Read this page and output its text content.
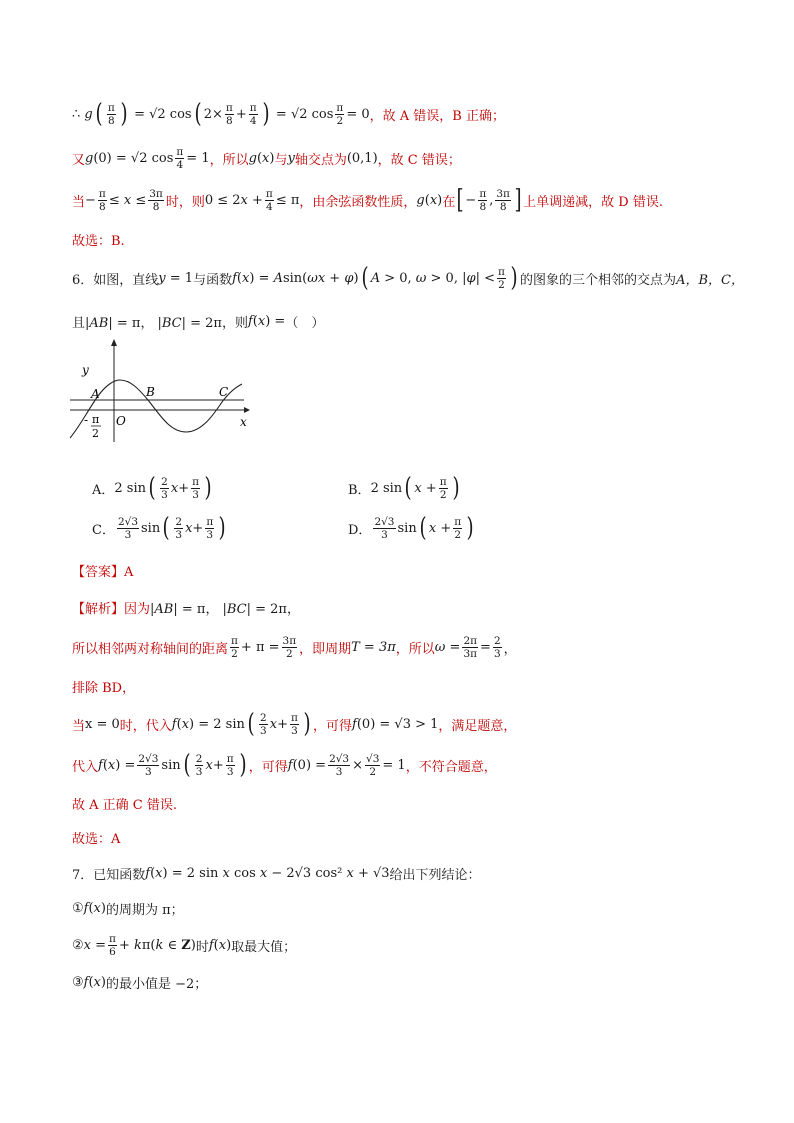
∴ g ( $\frac{\pi}{8}$ ) = √2 cos ( $2\times \frac{\pi}{8} + \frac{\pi}{4}$ ) = √2 $\cos \frac{\pi}{2} = 0$ ，故 A 错误，B 正确；
又 g(0) = √2 $\cos \frac{\pi}{4} = 1$ ，所以 g(x) 与 y 轴交点为 (0,1) ，故 C 错误；
当 − $\frac{\pi}{8} \le x \le \frac{3\pi}{8}$ 时，则 $0 \le 2x + \frac{\pi}{4} \le \pi$ ，由余弦函数性质， g(x) 在 [ − $\frac{\pi}{8}$ , $\frac{3\pi}{8}$ ] 上单调递减，故 D 错误.
故选：B.
6．如图，直线 y = 1 与函数 f(x) = Asin(ωx + φ) ( A > 0, ω > 0, $|\varphi| < \frac{\pi}{2}$ ) 的图象的三个相邻的交点为 A，B，C，
且 |AB| = π， |BC| = 2π ，则 f(x) = （　）
y
x
A	B	C
O
- π
2
A． 2 sin ( $\frac{2}{3}$ $x + \frac{\pi}{3}$ )	B． 2 sin ( $x + \frac{\pi}{2}$ )
C． $\frac{2√3}{3}$ sin ( $\frac{2}{3}$ $x + \frac{\pi}{3}$ )	D． $\frac{2√3}{3}$ sin ( $x + \frac{\pi}{2}$ )
【答案】A
【解析】 因为 |AB| = π， |BC| = 2π，
所以相邻两对称轴间的距离 $\frac{\pi}{2} + \pi = \frac{3\pi}{2}$ ，即周期 T = 3π ，所以 $\omega = \frac{2\pi}{3\pi} = \frac{2}{3}$ ，
排除 BD，
当 x = 0 时，代入 f(x) = 2 sin ( $\frac{2}{3}$ $x + \frac{\pi}{3}$ ) ，可得 f(0) = √3 > 1 ，满足题意，
代入 $f(x) = \frac{2√3}{3}$ sin ( $\frac{2}{3}$ $x + \frac{\pi}{3}$ ) ，可得 $f(0) = \frac{2√3}{3} \times \frac{√3}{2} = 1$ ，不符合题意，
故 A 正确 C 错误.
故选：A
7．已知函数 f(x) = 2 sin x cos x − 2√3 cos² x + √3 给出下列结论：
① f(x) 的周期为 π；
② $x = \frac{\pi}{6} + k\pi(k$ ∈ Z) 时 f(x) 取最大值；
③ f(x) 的最小值是 −2；
